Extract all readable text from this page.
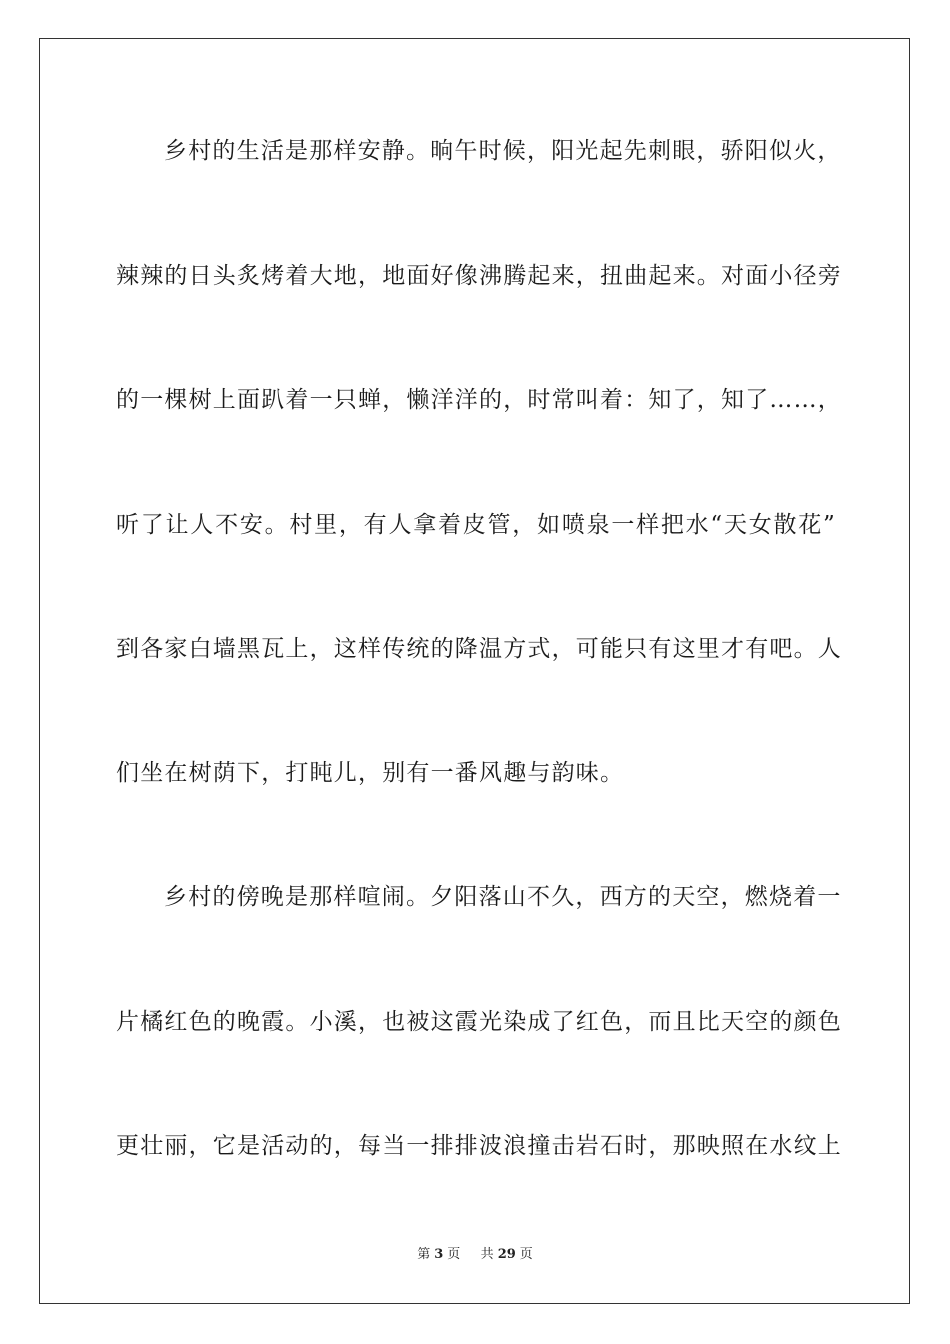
乡村的生活是那样安静。晌午时候，阳光起先刺眼，骄阳似火，
辣辣的日头炙烤着大地，地面好像沸腾起来，扭曲起来。对面小径旁
的一棵树上面趴着一只蝉，懒洋洋的，时常叫着：知了，知了……，
听了让人不安。村里，有人拿着皮管，如喷泉一样把水“天女散花”
到各家白墙黑瓦上，这样传统的降温方式，可能只有这里才有吧。人
们坐在树荫下，打盹儿，别有一番风趣与韵味。
乡村的傍晚是那样喧闹。夕阳落山不久，西方的天空，燃烧着一
片橘红色的晚霞。小溪，也被这霞光染成了红色，而且比天空的颜色
更壮丽，它是活动的，每当一排排波浪撞击岩石时，那映照在水纹上
第 3 页 共 29 页
